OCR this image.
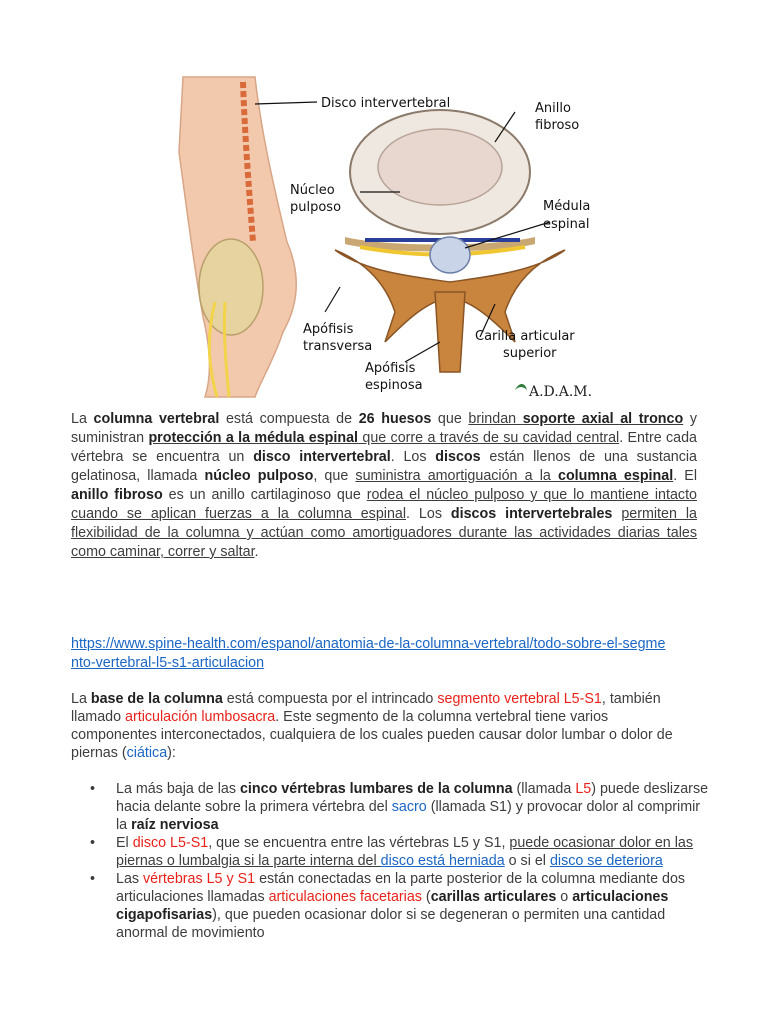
Disco intervertebral	Anillo
fibroso
Núcleo
pulposo	Médula
espinal
Apófisis
transversa
Carilla articular
superior
Apófisis
espinosa	A.D.A.M.

La columna vertebral está compuesta de 26 huesos que brindan soporte axial al tronco y suministran protección a la médula espinal que corre a través de su cavidad central. Entre cada vértebra se encuentra un disco intervertebral. Los discos están llenos de una sustancia gelatinosa, llamada núcleo pulposo, que suministra amortiguación a la columna espinal. El anillo fibroso es un anillo cartilaginoso que rodea el núcleo pulposo y que lo mantiene intacto cuando se aplican fuerzas a la columna espinal. Los discos intervertebrales permiten la flexibilidad de la columna y actúan como amortiguadores durante las actividades diarias tales como caminar, correr y saltar.

https://www.spine-health.com/espanol/anatomia-de-la-columna-vertebral/todo-sobre-el-segmento-vertebral-l5-s1-articulacion

La base de la columna está compuesta por el intrincado segmento vertebral L5-S1, también llamado articulación lumbosacra. Este segmento de la columna vertebral tiene varios componentes interconectados, cualquiera de los cuales pueden causar dolor lumbar o dolor de piernas (ciática):

• La más baja de las cinco vértebras lumbares de la columna (llamada L5) puede deslizarse hacia delante sobre la primera vértebra del sacro (llamada S1) y provocar dolor al comprimir la raíz nerviosa
• El disco L5-S1, que se encuentra entre las vértebras L5 y S1, puede ocasionar dolor en las piernas o lumbalgia si la parte interna del disco está herniada o si el disco se deteriora
• Las vértebras L5 y S1 están conectadas en la parte posterior de la columna mediante dos articulaciones llamadas articulaciones facetarias (carillas articulares o articulaciones cigapofisarias), que pueden ocasionar dolor si se degeneran o permiten una cantidad anormal de movimiento
